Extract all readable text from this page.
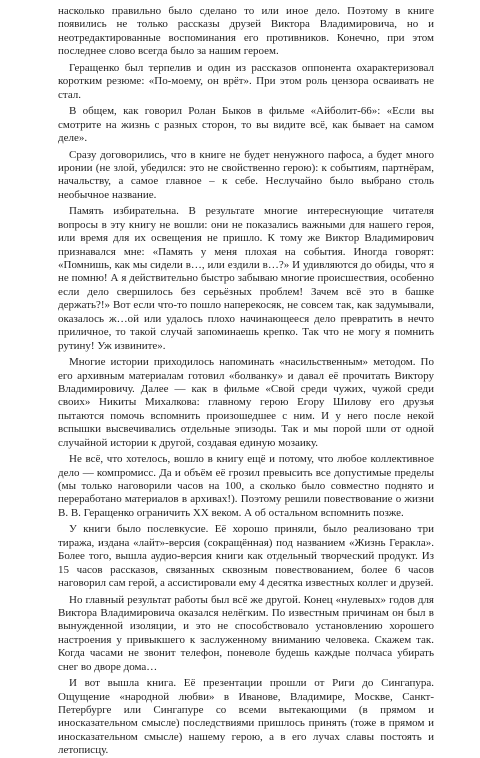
насколько правильно было сделано то или иное дело. Поэтому в книге появились не только рассказы друзей Виктора Владимировича, но и неотредактированные воспоминания его противников. Конечно, при этом последнее слово всегда было за нашим героем.

Геращенко был терпелив и один из рассказов оппонента охарактеризовал коротким резюме: «По-моему, он врёт». При этом роль цензора осваивать не стал.

В общем, как говорил Ролан Быков в фильме «Айболит-66»: «Если вы смотрите на жизнь с разных сторон, то вы видите всё, как бывает на самом деле».

Сразу договорились, что в книге не будет ненужного пафоса, а будет много иронии (не злой, убедился: это не свойственно герою): к событиям, партнёрам, начальству, а самое главное – к себе. Неслучайно было выбрано столь необычное название.

Память избирательна. В результате многие интереснующие читателя вопросы в эту книгу не вошли: они не показались важными для нашего героя, или время для их освещения не пришло. К тому же Виктор Владимирович признавался мне: «Память у меня плохая на события. Иногда говорят: «Помнишь, как мы сидели в…, или ездили в…?» И удивляются до обиды, что я не помню! А я действительно быстро забываю многие происшествия, особенно если дело свершилось без серьёзных проблем! Зачем всё это в башке держать?!» Вот если что-то пошло наперекосяк, не совсем так, как задумывали, оказалось ж…ой или удалось плохо начинающееся дело превратить в нечто приличное, то такой случай запоминаешь крепко. Так что не могу я помнить рутину! Уж извините».

Многие истории приходилось напоминать «насильственным» методом. По его архивным материалам готовил «болванку» и давал её прочитать Виктору Владимировичу. Далее — как в фильме «Свой среди чужих, чужой среди своих» Никиты Михалкова: главному герою Егору Шилову его друзья пытаются помочь вспомнить произошедшее с ним. И у него после некой вспышки высвечивались отдельные эпизоды. Так и мы порой шли от одной случайной истории к другой, создавая единую мозаику.

Не всё, что хотелось, вошло в книгу ещё и потому, что любое коллективное дело — компромисс. Да и объём её грозил превысить все допустимые пределы (мы только наговорили часов на 100, а сколько было совместно поднято и переработано материалов в архивах!). Поэтому решили повествование о жизни В. В. Геращенко ограничить XX веком. А об остальном вспомнить позже.

У книги было послевкусие. Её хорошо приняли, было реализовано три тиража, издана «лайт»-версия (сокращённая) под названием «Жизнь Геракла». Более того, вышла аудио-версия книги как отдельный творческий продукт. Из 15 часов рассказов, связанных сквозным повествованием, более 6 часов наговорил сам герой, а ассистировали ему 4 десятка известных коллег и друзей.

Но главный результат работы был всё же другой. Конец «нулевых» годов для Виктора Владимировича оказался нелёгким. По известным причинам он был в вынужденной изоляции, и это не способствовало установлению хорошего настроения у привыкшего к заслуженному вниманию человека. Скажем так. Когда часами не звонит телефон, поневоле будешь каждые полчаса убирать снег во дворе дома…

И вот вышла книга. Её презентации прошли от Риги до Сингапура. Ощущение «народной любви» в Иванове, Владимире, Москве, Санкт-Петербурге или Сингапуре со всеми вытекающими (в прямом и иносказательном смысле) последствиями пришлось принять (тоже в прямом и иносказательном смысле) нашему герою, а в его лучах славы постоять и летописцу.
